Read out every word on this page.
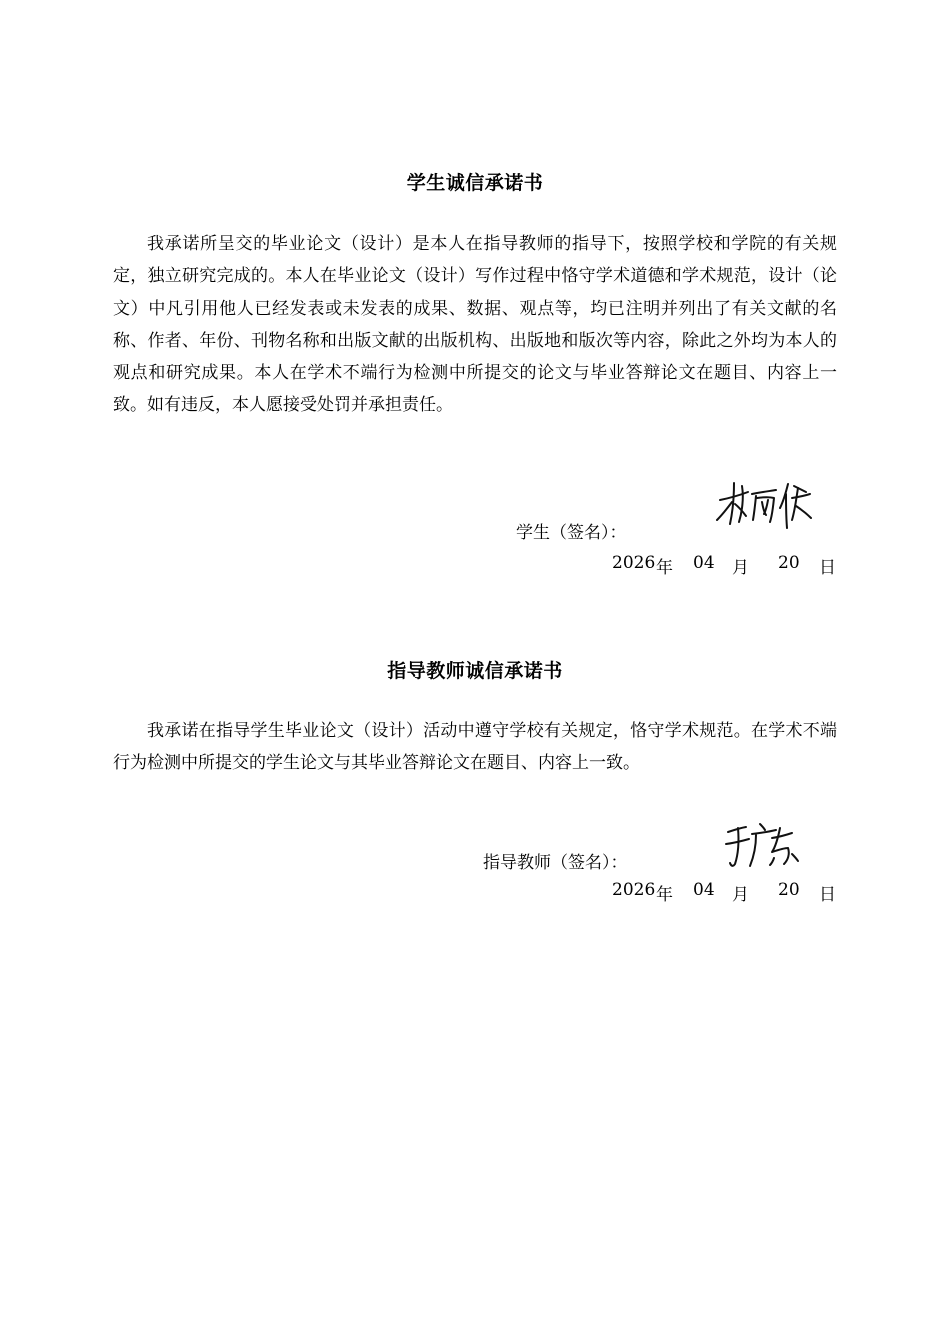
学生诚信承诺书
我承诺所呈交的毕业论文（设计）是本人在指导教师的指导下，按照学校和学院的有关规定，独立研究完成的。本人在毕业论文（设计）写作过程中恪守学术道德和学术规范，设计（论文）中凡引用他人已经发表或未发表的成果、数据、观点等，均已注明并列出了有关文献的名称、作者、年份、刊物名称和出版文献的出版机构、出版地和版次等内容，除此之外均为本人的观点和研究成果。本人在学术不端行为检测中所提交的论文与毕业答辩论文在题目、内容上一致。如有违反，本人愿接受处罚并承担责任。
学生（签名）：
2026 年 04 月 20 日
指导教师诚信承诺书
我承诺在指导学生毕业论文（设计）活动中遵守学校有关规定，恪守学术规范。在学术不端行为检测中所提交的学生论文与其毕业答辩论文在题目、内容上一致。
指导教师（签名）：
2026 年 04 月 20 日
